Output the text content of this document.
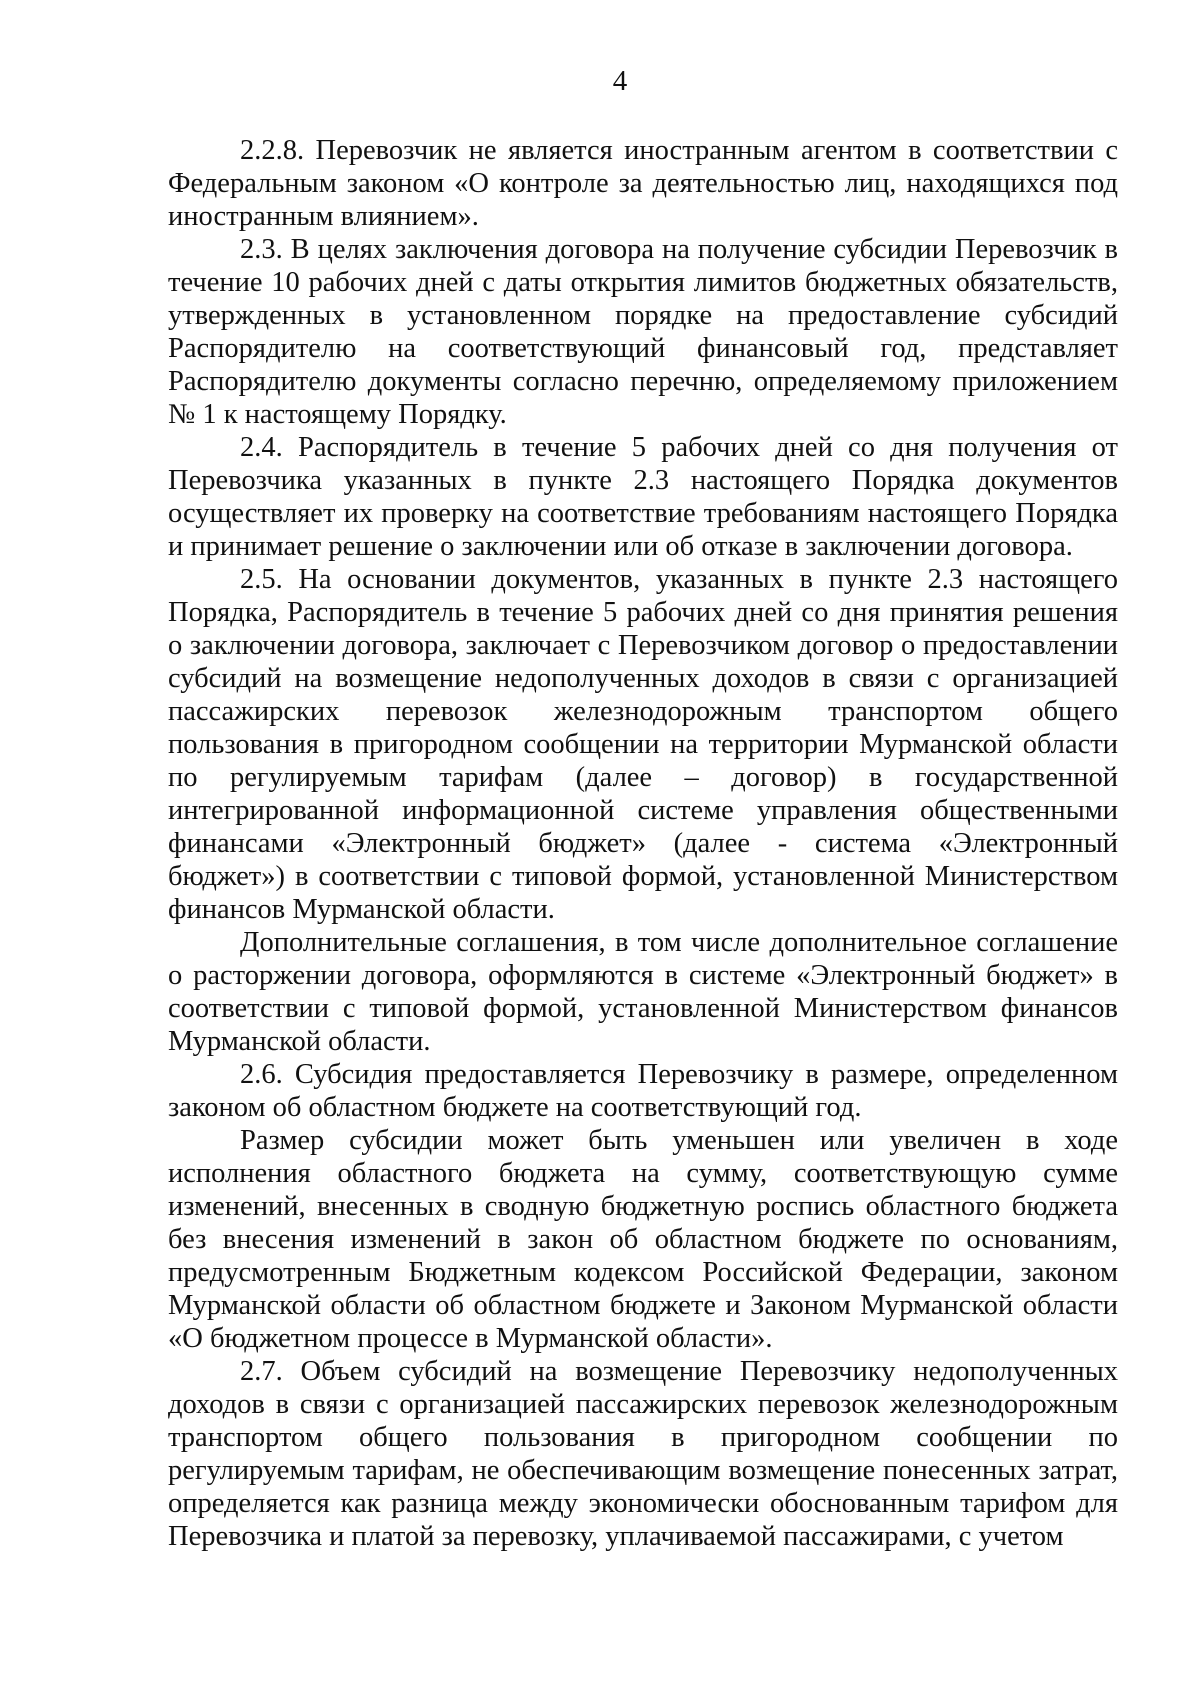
4

2.2.8. Перевозчик не является иностранным агентом в соответствии с Федеральным законом «О контроле за деятельностью лиц, находящихся под иностранным влиянием».

2.3. В целях заключения договора на получение субсидии Перевозчик в течение 10 рабочих дней с даты открытия лимитов бюджетных обязательств, утвержденных в установленном порядке на предоставление субсидий Распорядителю на соответствующий финансовый год, представляет Распорядителю документы согласно перечню, определяемому приложением № 1 к настоящему Порядку.

2.4. Распорядитель в течение 5 рабочих дней со дня получения от Перевозчика указанных в пункте 2.3 настоящего Порядка документов осуществляет их проверку на соответствие требованиям настоящего Порядка и принимает решение о заключении или об отказе в заключении договора.

2.5. На основании документов, указанных в пункте 2.3 настоящего Порядка, Распорядитель в течение 5 рабочих дней со дня принятия решения о заключении договора, заключает с Перевозчиком договор о предоставлении субсидий на возмещение недополученных доходов в связи с организацией пассажирских перевозок железнодорожным транспортом общего пользования в пригородном сообщении на территории Мурманской области по регулируемым тарифам (далее – договор) в государственной интегрированной информационной системе управления общественными финансами «Электронный бюджет» (далее - система «Электронный бюджет») в соответствии с типовой формой, установленной Министерством финансов Мурманской области.

Дополнительные соглашения, в том числе дополнительное соглашение о расторжении договора, оформляются в системе «Электронный бюджет» в соответствии с типовой формой, установленной Министерством финансов Мурманской области.

2.6. Субсидия предоставляется Перевозчику в размере, определенном законом об областном бюджете на соответствующий год.

Размер субсидии может быть уменьшен или увеличен в ходе исполнения областного бюджета на сумму, соответствующую сумме изменений, внесенных в сводную бюджетную роспись областного бюджета без внесения изменений в закон об областном бюджете по основаниям, предусмотренным Бюджетным кодексом Российской Федерации, законом Мурманской области об областном бюджете и Законом Мурманской области «О бюджетном процессе в Мурманской области».

2.7. Объем субсидий на возмещение Перевозчику недополученных доходов в связи с организацией пассажирских перевозок железнодорожным транспортом общего пользования в пригородном сообщении по регулируемым тарифам, не обеспечивающим возмещение понесенных затрат, определяется как разница между экономически обоснованным тарифом для Перевозчика и платой за перевозку, уплачиваемой пассажирами, с учетом
